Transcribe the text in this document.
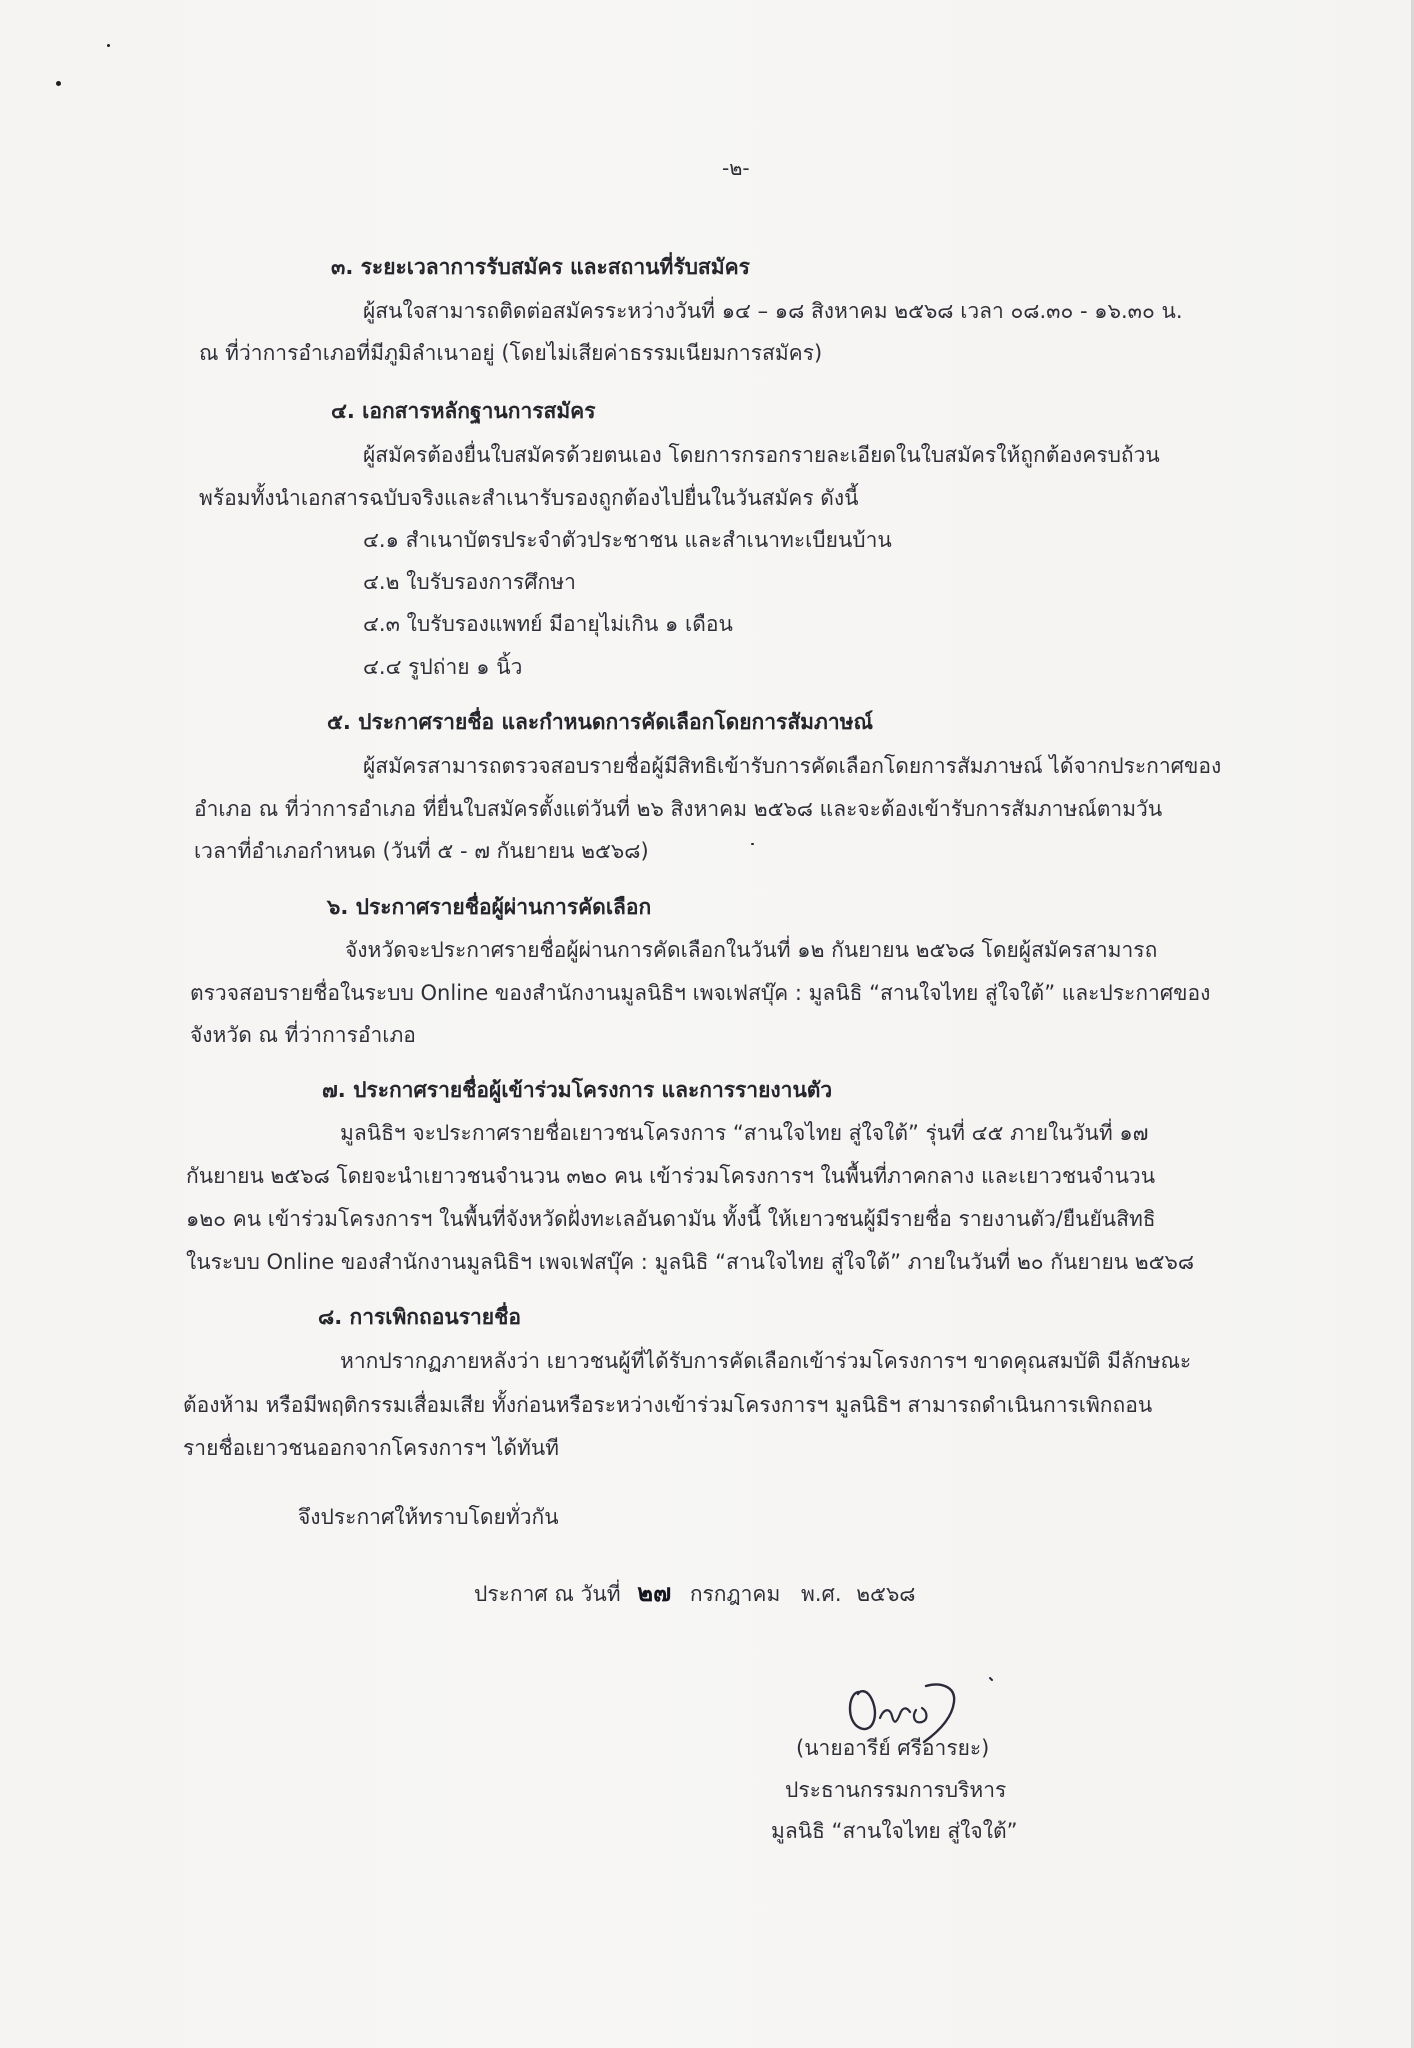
-๒-
๓. ระยะเวลาการรับสมัคร และสถานที่รับสมัคร
ผู้สนใจสามารถติดต่อสมัครระหว่างวันที่ ๑๔ – ๑๘ สิงหาคม ๒๕๖๘ เวลา ๐๘.๓๐ - ๑๖.๓๐ น.
ณ ที่ว่าการอำเภอที่มีภูมิลำเนาอยู่ (โดยไม่เสียค่าธรรมเนียมการสมัคร)
๔. เอกสารหลักฐานการสมัคร
ผู้สมัครต้องยื่นใบสมัครด้วยตนเอง โดยการกรอกรายละเอียดในใบสมัครให้ถูกต้องครบถ้วน
พร้อมทั้งนำเอกสารฉบับจริงและสำเนารับรองถูกต้องไปยื่นในวันสมัคร ดังนี้
๔.๑ สำเนาบัตรประจำตัวประชาชน และสำเนาทะเบียนบ้าน
๔.๒ ใบรับรองการศึกษา
๔.๓ ใบรับรองแพทย์ มีอายุไม่เกิน ๑ เดือน
๔.๔ รูปถ่าย ๑ นิ้ว
๕. ประกาศรายชื่อ และกำหนดการคัดเลือกโดยการสัมภาษณ์
ผู้สมัครสามารถตรวจสอบรายชื่อผู้มีสิทธิเข้ารับการคัดเลือกโดยการสัมภาษณ์ ได้จากประกาศของ
อำเภอ ณ ที่ว่าการอำเภอ ที่ยื่นใบสมัครตั้งแต่วันที่ ๒๖ สิงหาคม ๒๕๖๘ และจะต้องเข้ารับการสัมภาษณ์ตามวัน
เวลาที่อำเภอกำหนด (วันที่ ๕ - ๗ กันยายน ๒๕๖๘)
๖. ประกาศรายชื่อผู้ผ่านการคัดเลือก
จังหวัดจะประกาศรายชื่อผู้ผ่านการคัดเลือกในวันที่ ๑๒ กันยายน ๒๕๖๘ โดยผู้สมัครสามารถ
ตรวจสอบรายชื่อในระบบ Online ของสำนักงานมูลนิธิฯ เพจเฟสบุ๊ค : มูลนิธิ “สานใจไทย สู่ใจใต้” และประกาศของ
จังหวัด ณ ที่ว่าการอำเภอ
๗. ประกาศรายชื่อผู้เข้าร่วมโครงการ และการรายงานตัว
มูลนิธิฯ จะประกาศรายชื่อเยาวชนโครงการ “สานใจไทย สู่ใจใต้” รุ่นที่ ๔๕ ภายในวันที่ ๑๗
กันยายน ๒๕๖๘ โดยจะนำเยาวชนจำนวน ๓๒๐ คน เข้าร่วมโครงการฯ ในพื้นที่ภาคกลาง และเยาวชนจำนวน
๑๒๐ คน เข้าร่วมโครงการฯ ในพื้นที่จังหวัดฝั่งทะเลอันดามัน ทั้งนี้ ให้เยาวชนผู้มีรายชื่อ รายงานตัว/ยืนยันสิทธิ
ในระบบ Online ของสำนักงานมูลนิธิฯ เพจเฟสบุ๊ค : มูลนิธิ “สานใจไทย สู่ใจใต้” ภายในวันที่ ๒๐ กันยายน ๒๕๖๘
๘. การเพิกถอนรายชื่อ
หากปรากฏภายหลังว่า เยาวชนผู้ที่ได้รับการคัดเลือกเข้าร่วมโครงการฯ ขาดคุณสมบัติ มีลักษณะ
ต้องห้าม หรือมีพฤติกรรมเสื่อมเสีย ทั้งก่อนหรือระหว่างเข้าร่วมโครงการฯ มูลนิธิฯ สามารถดำเนินการเพิกถอน
รายชื่อเยาวชนออกจากโครงการฯ ได้ทันที
จึงประกาศให้ทราบโดยทั่วกัน
ประกาศ ณ วันที่ ๒๗ กรกฎาคม พ.ศ. ๒๕๖๘
(นายอารีย์ ศรีอารยะ)
ประธานกรรมการบริหาร
มูลนิธิ “สานใจไทย สู่ใจใต้”
